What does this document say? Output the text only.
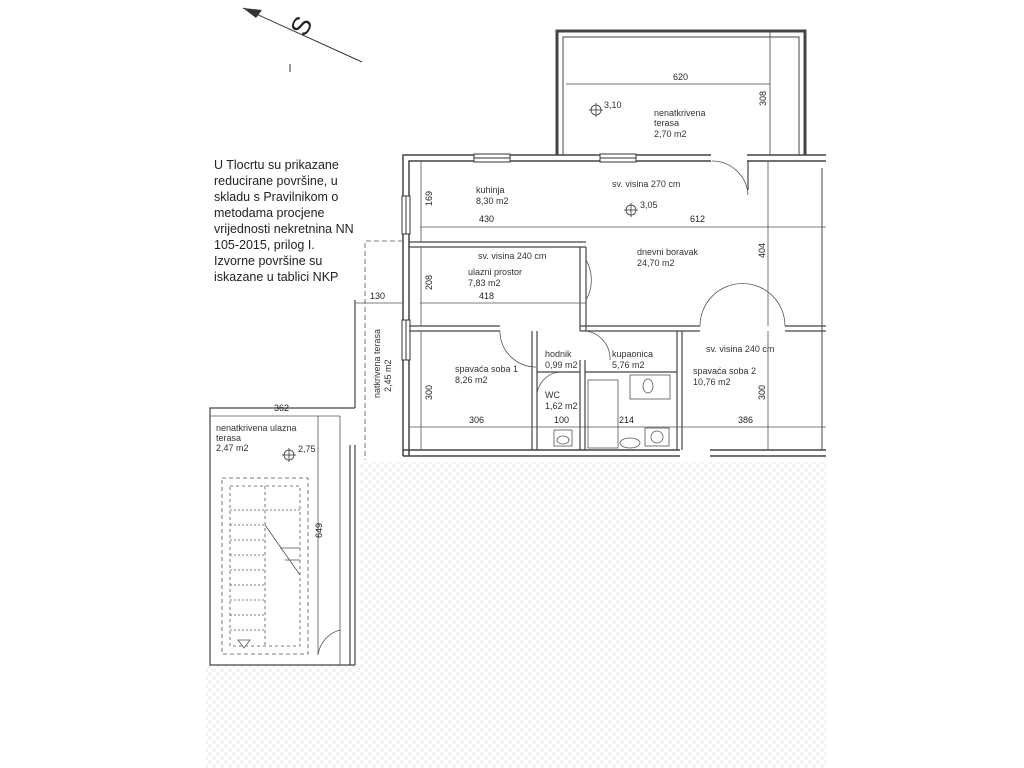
U Tlocrtu su prikazane reducirane površine, u skladu s Pravilnikom o metodama procjene vrijednosti nekretnina NN 105-2015, prilog I. Izvorne površine su iskazane u tablici NKP
S
nenatkrivena
terasa
2,70 m2
3,10
kuhinja
8,30 m2
sv. visina 270 cm
3,05
dnevni boravak
24,70 m2
sv. visina 240 cm
ulazni prostor
7,83 m2
natkrivena terasa 2,45 m2	spavaća soba 1
8,26 m2
hodnik
0,99 m2
kupaonica
5,76 m2
sv. visina 240 cm
spavaća soba 2
10,76 m2
WC
1,62 m2
nenatkrivena ulazna
terasa
2,47 m2	2,75
620
308
169
430	612
404
208
130	418
300
306	100	214	386
300
362
649
